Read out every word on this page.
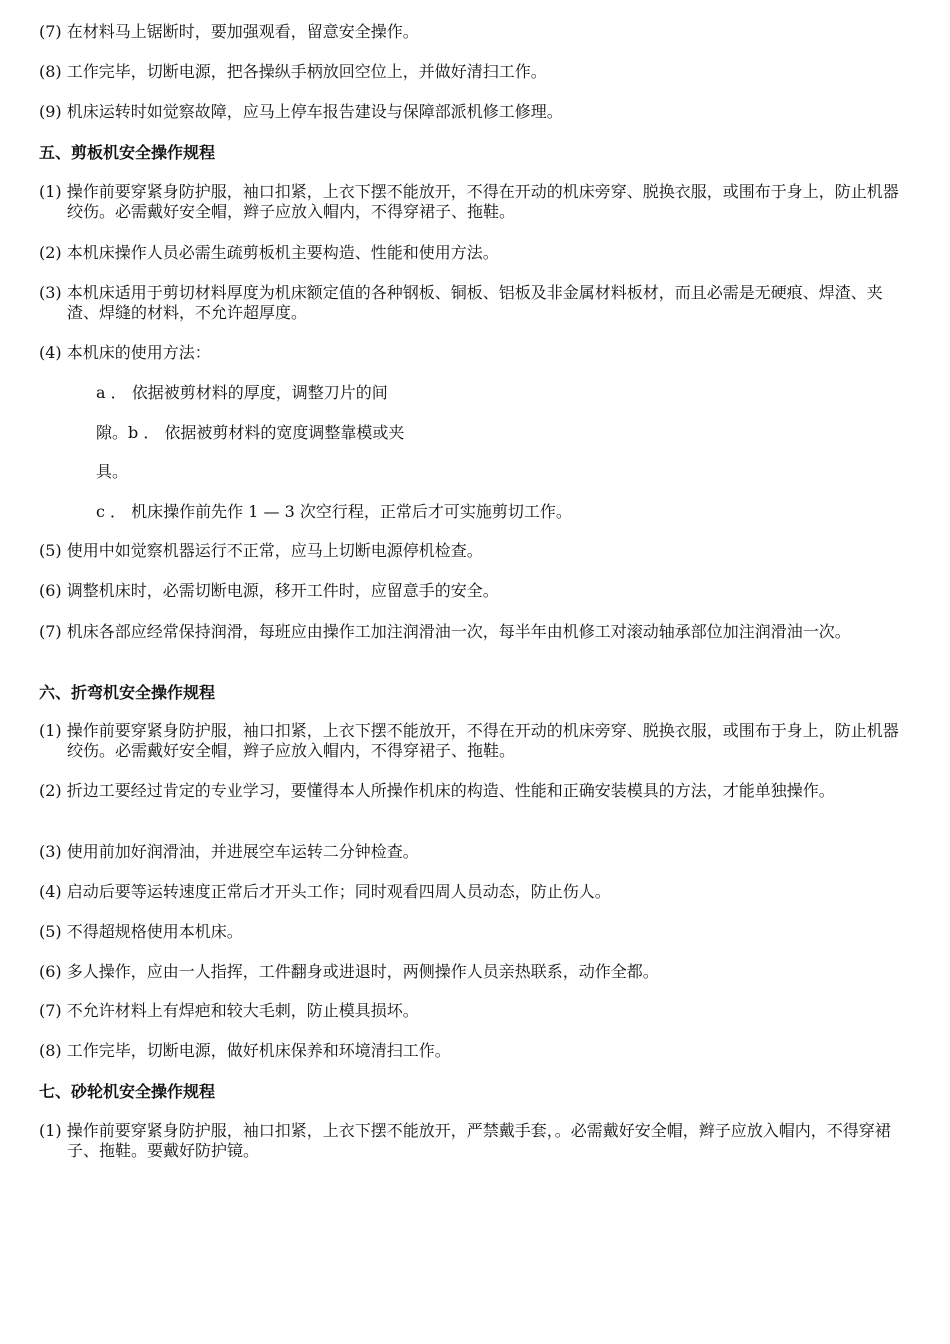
(7) 在材料马上锯断时，要加强观看，留意安全操作。
(8) 工作完毕，切断电源，把各操纵手柄放回空位上，并做好清扫工作。
(9) 机床运转时如觉察故障，应马上停车报告建设与保障部派机修工修理。
五、剪板机安全操作规程
(1) 操作前要穿紧身防护服，袖口扣紧，上衣下摆不能放开，不得在开动的机床旁穿、脱换衣服，或围布于身上，防止机器绞伤。必需戴好安全帽，辫子应放入帽内，不得穿裙子、拖鞋。
(2) 本机床操作人员必需生疏剪板机主要构造、性能和使用方法。
(3) 本机床适用于剪切材料厚度为机床额定值的各种钢板、铜板、铝板及非金属材料板材，而且必需是无硬痕、焊渣、夹渣、焊缝的材料，不允许超厚度。
(4) 本机床的使用方法：
a ． 依据被剪材料的厚度，调整刀片的间
隙。b ． 依据被剪材料的宽度调整靠模或夹
具。
c ． 机床操作前先作 1 — 3 次空行程，正常后才可实施剪切工作。
(5) 使用中如觉察机器运行不正常，应马上切断电源停机检查。
(6) 调整机床时，必需切断电源，移开工件时，应留意手的安全。
(7) 机床各部应经常保持润滑，每班应由操作工加注润滑油一次，每半年由机修工对滚动轴承部位加注润滑油一次。
六、折弯机安全操作规程
(1) 操作前要穿紧身防护服，袖口扣紧，上衣下摆不能放开，不得在开动的机床旁穿、脱换衣服，或围布于身上，防止机器绞伤。必需戴好安全帽，辫子应放入帽内，不得穿裙子、拖鞋。
(2) 折边工要经过肯定的专业学习，要懂得本人所操作机床的构造、性能和正确安装模具的方法，才能单独操作。
(3) 使用前加好润滑油，并进展空车运转二分钟检查。
(4) 启动后要等运转速度正常后才开头工作；同时观看四周人员动态，防止伤人。
(5) 不得超规格使用本机床。
(6) 多人操作，应由一人指挥，工件翻身或进退时，两侧操作人员亲热联系，动作全都。
(7) 不允许材料上有焊疤和较大毛刺，防止模具损坏。
(8) 工作完毕，切断电源，做好机床保养和环境清扫工作。
七、砂轮机安全操作规程
(1) 操作前要穿紧身防护服，袖口扣紧，上衣下摆不能放开，严禁戴手套，。必需戴好安全帽，辫子应放入帽内，不得穿裙子、拖鞋。要戴好防护镜。
